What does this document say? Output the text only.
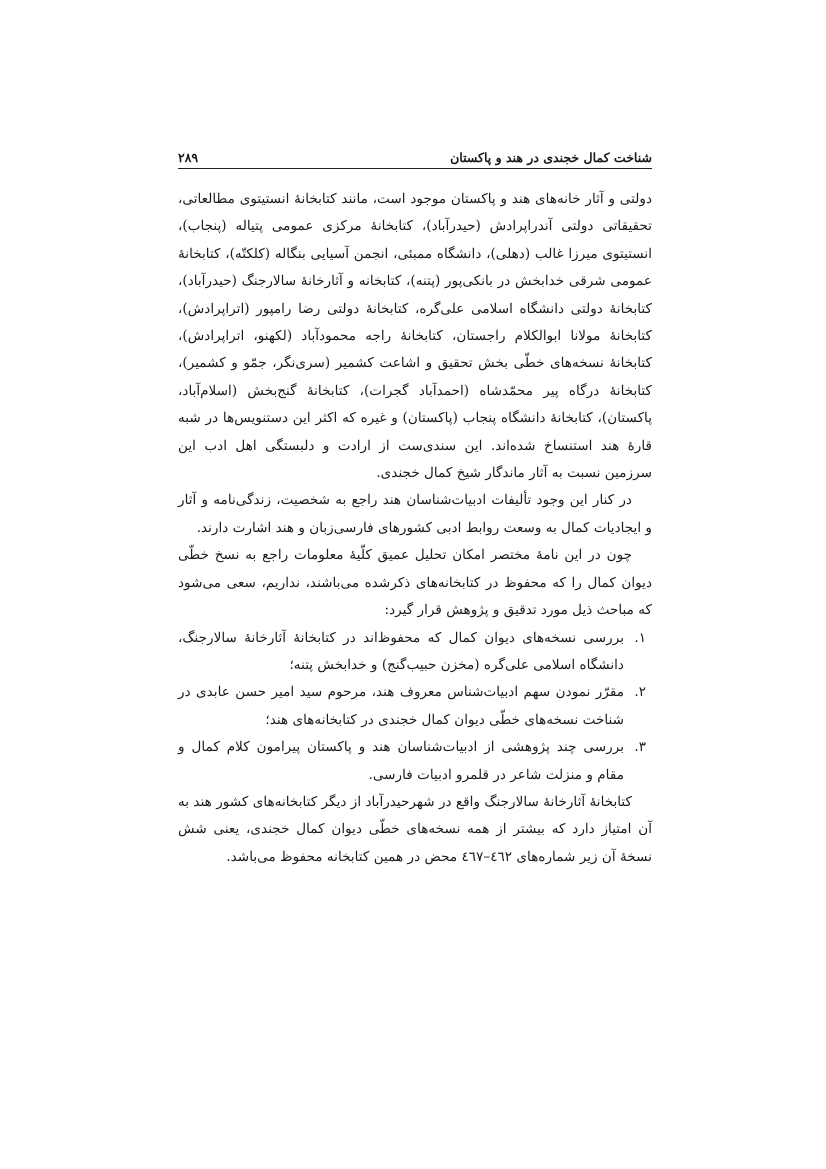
شناخت کمال خجندی در هند و پاکستان
۲۸۹

دولتی و آثار خانه‌های هند و پاکستان موجود است، مانند کتابخانۀ انستیتوی مطالعاتی، تحقیقاتی دولتی آندراپرادش (حیدرآباد)، کتابخانۀ مرکزی عمومی پتیاله (پنجاب)، انستیتوی میرزا غالب (دهلی)، دانشگاه ممبئی، انجمن آسیایی بنگاله (کلکتّه)، کتابخانۀ عمومی شرقی خدابخش در بانکی‌پور (پتنه)، کتابخانه و آثارخانۀ سالارجنگ (حیدرآباد)، کتابخانۀ دولتی دانشگاه اسلامی علی‌گره، کتابخانۀ دولتی رضا رامپور (اتراپرادش)، کتابخانۀ مولانا ابوالکلام راجستان، کتابخانۀ راجه محمودآباد (لکهنو، اتراپرادش)، کتابخانۀ نسخه‌های خطّی بخش تحقیق و اشاعت کشمیر (سری‌نگر، جمّو و کشمیر)، کتابخانۀ درگاه پیر محمّدشاه (احمدآباد گجرات)، کتابخانۀ گنج‌بخش (اسلام‌آباد، پاکستان)، کتابخانۀ دانشگاه پنجاب (پاکستان) و غیره که اکثر این دستنویس‌ها در شبه قارۀ هند استنساخ شده‌اند. این سندی‌ست از ارادت و دلبستگی اهل ادب این سرزمین نسبت به آثار ماندگار شیخ کمال خجندی.

در کنار این وجود تألیفات ادبیات‌شناسان هند راجع به شخصیت، زندگی‌نامه و آثار و ایجادیات کمال به وسعت روابط ادبی کشورهای فارسی‌زبان و هند اشارت دارند.

چون در این نامۀ مختصر امکان تحلیل عمیق کلّیۀ معلومات راجع به نسخ خطّی دیوان کمال را که محفوظ در کتابخانه‌های ذکرشده می‌باشند، نداریم، سعی می‌شود که مباحث ذیل مورد تدقیق و پژوهش قرار گیرد:

۱.
بررسی نسخه‌های دیوان کمال که محفوظ‌اند در کتابخانۀ آثارخانۀ سالارجنگ، دانشگاه اسلامی علی‌گره (مخزن حبیب‌گنج) و خدابخش پتنه؛
۲.
مقرّر نمودن سهم ادبیات‌شناس معروف هند، مرحوم سید امیر حسن عابدی در شناخت نسخه‌های خطّی دیوان کمال خجندی در کتابخانه‌های هند؛
۳.
بررسی چند پژوهشی از ادبیات‌شناسان هند و پاکستان پیرامون کلام کمال و مقام و منزلت شاعر در قلمرو ادبیات فارسی.

کتابخانۀ آثارخانۀ سالارجنگ واقع در شهرحیدرآباد از دیگر کتابخانه‌های کشور هند به آن امتیاز دارد که بیشتر از همه نسخه‌های خطّی دیوان کمال خجندی، یعنی شش نسخۀ آن زیر شماره‌های ٤٦٢–٤٦٧ محض در همین کتابخانه محفوظ می‌باشد.
